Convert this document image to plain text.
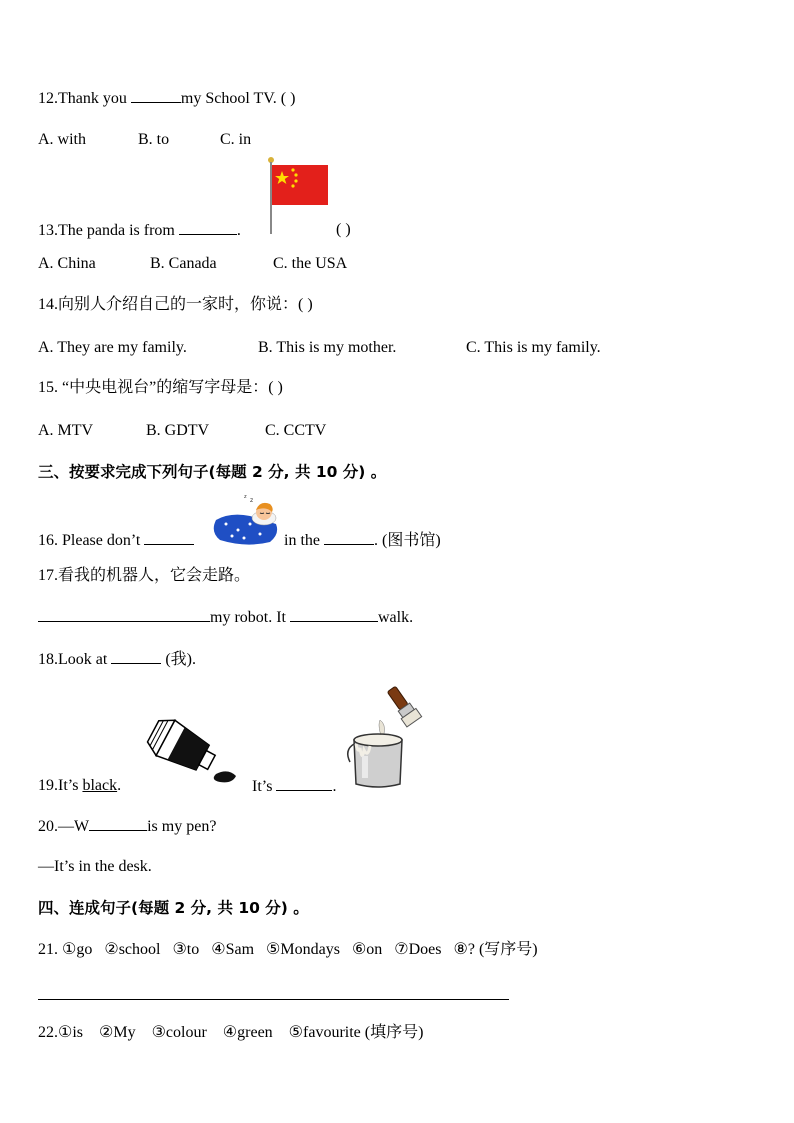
12.Thank you	my School TV. ( )
A. with	B. to	C. in
13.The panda is from	.	( )
A. China	B. Canada	C. the USA
14.向别人介绍自己的一家时，你说：( )
A. They are my family.	B. This is my mother.	C. This is my family.
15. “中央电视台”的缩写字母是：( )
A. MTV	B. GDTV	C. CCTV
三、按要求完成下列句子(每题 2 分, 共 10 分) 。
z
z
16. Please don’t	in the	. (图书馆)
17.看我的机器人，它会走路。
my robot. It	walk.
18.Look at	(我).
19.It’s black.	It’s	.
20.—W	is my pen?
—It’s in the desk.
四、连成句子(每题 2 分, 共 10 分) 。
21. ①go   ②school   ③to   ④Sam   ⑤Mondays   ⑥on   ⑦Does   ⑧? (写序号)
22.①is    ②My    ③colour    ④green    ⑤favourite (填序号)
